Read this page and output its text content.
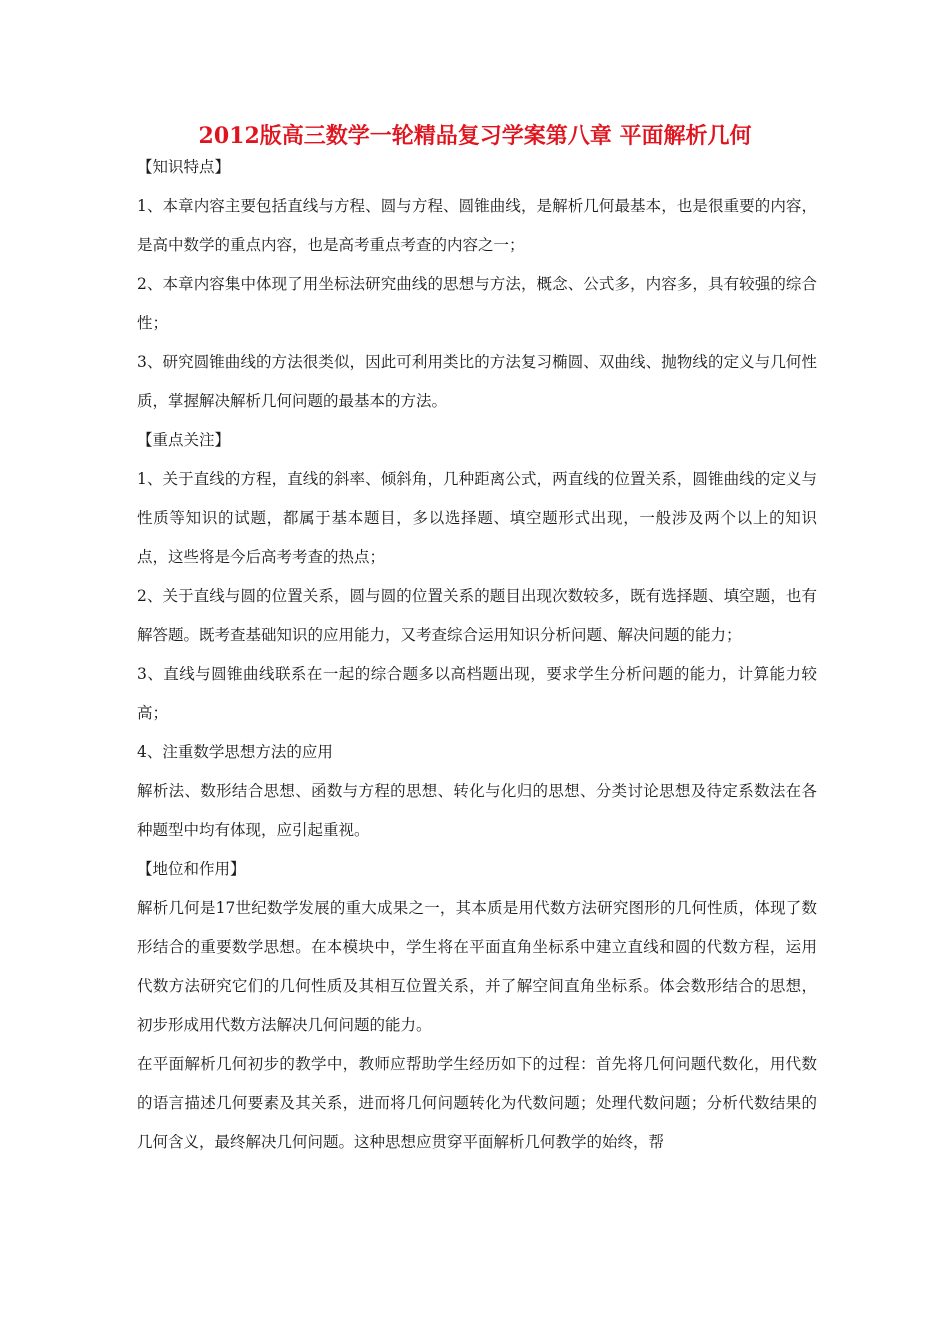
2012版高三数学一轮精品复习学案第八章 平面解析几何

【知识特点】

1、本章内容主要包括直线与方程、圆与方程、圆锥曲线，是解析几何最基本，也是很重要的内容，是高中数学的重点内容，也是高考重点考查的内容之一；

2、本章内容集中体现了用坐标法研究曲线的思想与方法，概念、公式多，内容多，具有较强的综合性；

3、研究圆锥曲线的方法很类似，因此可利用类比的方法复习椭圆、双曲线、抛物线的定义与几何性质，掌握解决解析几何问题的最基本的方法。

【重点关注】

1、关于直线的方程，直线的斜率、倾斜角，几种距离公式，两直线的位置关系，圆锥曲线的定义与性质等知识的试题，都属于基本题目，多以选择题、填空题形式出现，一般涉及两个以上的知识点，这些将是今后高考考查的热点；

2、关于直线与圆的位置关系，圆与圆的位置关系的题目出现次数较多，既有选择题、填空题，也有解答题。既考查基础知识的应用能力，又考查综合运用知识分析问题、解决问题的能力；

3、直线与圆锥曲线联系在一起的综合题多以高档题出现，要求学生分析问题的能力，计算能力较高；

4、注重数学思想方法的应用

解析法、数形结合思想、函数与方程的思想、转化与化归的思想、分类讨论思想及待定系数法在各种题型中均有体现，应引起重视。

【地位和作用】

解析几何是17世纪数学发展的重大成果之一，其本质是用代数方法研究图形的几何性质，体现了数形结合的重要数学思想。在本模块中，学生将在平面直角坐标系中建立直线和圆的代数方程，运用代数方法研究它们的几何性质及其相互位置关系，并了解空间直角坐标系。体会数形结合的思想，初步形成用代数方法解决几何问题的能力。

在平面解析几何初步的教学中，教师应帮助学生经历如下的过程：首先将几何问题代数化，用代数的语言描述几何要素及其关系，进而将几何问题转化为代数问题；处理代数问题；分析代数结果的几何含义，最终解决几何问题。这种思想应贯穿平面解析几何教学的始终，帮
